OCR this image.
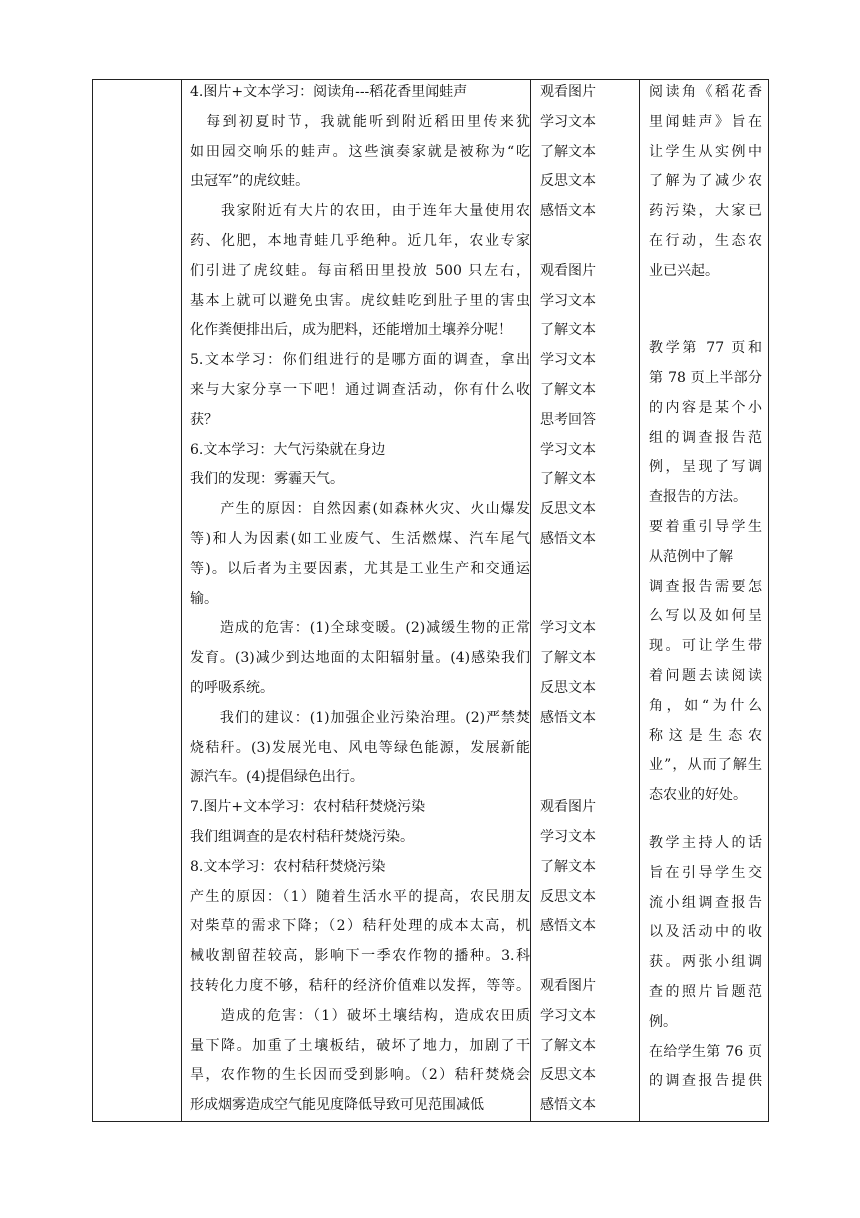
4.图片+文本学习：阅读角---稻花香里闻蛙声
　每到初夏时节，我就能听到附近稻田里传来犹
如田园交响乐的蛙声。这些演奏家就是被称为“吃
虫冠军”的虎纹蛙。
　　我家附近有大片的农田，由于连年大量使用农
药、化肥，本地青蛙几乎绝种。近几年，农业专家
们引进了虎纹蛙。每亩稻田里投放 500 只左右，
基本上就可以避免虫害。虎纹蛙吃到肚子里的害虫
化作粪便排出后，成为肥料，还能增加土壤养分呢！
5.文本学习：你们组进行的是哪方面的调查，拿出
来与大家分享一下吧！通过调查活动，你有什么收
获？
6.文本学习：大气污染就在身边
我们的发现：雾霾天气。
　　产生的原因：自然因素(如森林火灾、火山爆发
等)和人为因素(如工业废气、生活燃煤、汽车尾气
等)。以后者为主要因素，尤其是工业生产和交通运
输。
　　造成的危害：(1)全球变暖。(2)减缓生物的正常
发育。(3)减少到达地面的太阳辐射量。(4)感染我们
的呼吸系统。
　　我们的建议：(1)加强企业污染治理。(2)严禁焚
烧秸秆。(3)发展光电、风电等绿色能源，发展新能
源汽车。(4)提倡绿色出行。
7.图片+文本学习：农村秸秆焚烧污染
我们组调查的是农村秸秆焚烧污染。
8.文本学习：农村秸秆焚烧污染
产生的原因：（1）随着生活水平的提高，农民朋友
对柴草的需求下降；（2）秸秆处理的成本太高，机
械收割留茬较高，影响下一季农作物的播种。3.科
技转化力度不够，秸秆的经济价值难以发挥，等等。
　　造成的危害：（1）破坏土壤结构，造成农田质
量下降。加重了土壤板结，破坏了地力，加剧了干
旱，农作物的生长因而受到影响。（2）秸秆焚烧会
形成烟雾造成空气能见度降低导致可见范围减低
观看图片
学习文本
了解文本
反思文本
感悟文本
观看图片
学习文本
了解文本
学习文本
了解文本
思考回答
学习文本
了解文本
反思文本
感悟文本
学习文本
了解文本
反思文本
感悟文本
观看图片
学习文本
了解文本
反思文本
感悟文本
观看图片
学习文本
了解文本
反思文本
感悟文本
阅读角《稻花香
里闻蛙声》旨在
让学生从实例中
了解为了减少农
药污染，大家已
在行动，生态农
业已兴起。
教学第 77 页和
第 78 页上半部分
的内容是某个小
组的调查报告范
例，呈现了写调
查报告的方法。
要着重引导学生
从范例中了解
调查报告需要怎
么写以及如何呈
现。可让学生带
着问题去读阅读
角，如“为什么
称 这 是 生 态 农
业”，从而了解生
态农业的好处。
教学主持人的话
旨在引导学生交
流小组调查报告
以及活动中的收
获。两张小组调
查的照片旨题范
例。
在给学生第 76 页
的调查报告提供
